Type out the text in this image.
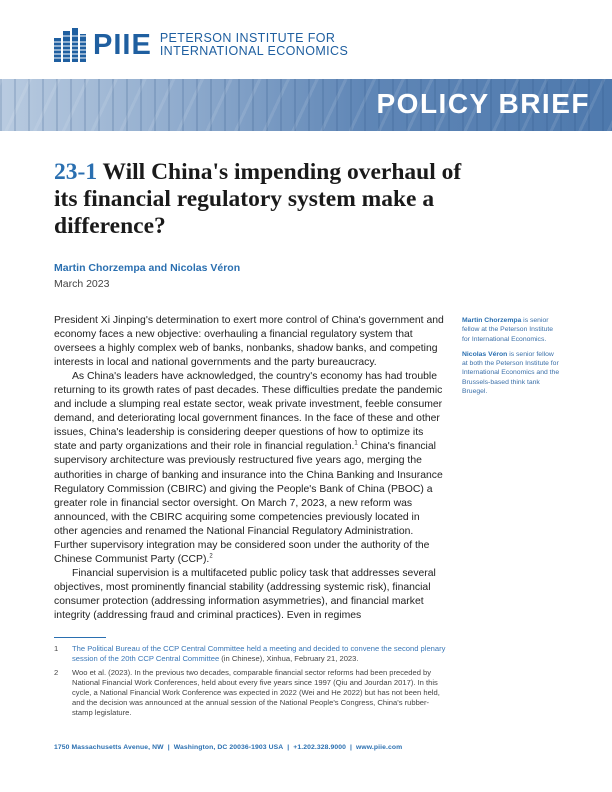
PIIE PETERSON INSTITUTE FOR
INTERNATIONAL ECONOMICS
POLICY BRIEF
23-1 Will China's impending overhaul of its financial regulatory system make a difference?
Martin Chorzempa and Nicolas Véron
March 2023

President Xi Jinping's determination to exert more control of China's government and economy faces a new objective: overhauling a financial regulatory system that oversees a highly complex web of banks, nonbanks, shadow banks, and competing interests in local and national governments and the party bureaucracy.

As China's leaders have acknowledged, the country's economy has had trouble returning to its growth rates of past decades. These difficulties predate the pandemic and include a slumping real estate sector, weak private investment, feeble consumer demand, and deteriorating local government finances. In the face of these and other issues, China's leadership is considering deeper questions of how to optimize its state and party organizations and their role in financial regulation.$^1$ China's financial supervisory architecture was previously restructured five years ago, merging the authorities in charge of banking and insurance into the China Banking and Insurance Regulatory Commission (CBIRC) and giving the People's Bank of China (PBOC) a greater role in financial sector oversight. On March 7, 2023, a new reform was announced, with the CBIRC acquiring some competencies previously located in other agencies and renamed the National Financial Regulatory Administration. Further supervisory integration may be considered soon under the authority of the Chinese Communist Party (CCP).$^2$

Financial supervision is a multifaceted public policy task that addresses several objectives, most prominently financial stability (addressing systemic risk), financial consumer protection (addressing information asymmetries), and financial market integrity (addressing fraud and criminal practices). Even in regimes

Martin Chorzempa is senior fellow at the Peterson Institute for International Economics.

Nicolas Véron is senior fellow at both the Peterson Institute for International Economics and the Brussels-based think tank Bruegel.

1	The Political Bureau of the CCP Central Committee held a meeting and decided to convene the second plenary session of the 20th CCP Central Committee (in Chinese), Xinhua, February 21, 2023.
2	Woo et al. (2023). In the previous two decades, comparable financial sector reforms had been preceded by National Financial Work Conferences, held about every five years since 1997 (Qiu and Jourdan 2017). In this cycle, a National Financial Work Conference was expected in 2022 (Wei and He 2022) but has not been held, and the decision was announced at the annual session of the National People's Congress, China's rubber-stamp legislature.
1750 Massachusetts Avenue, NW | Washington, DC 20036-1903 USA | +1.202.328.9000 | www.piie.com
